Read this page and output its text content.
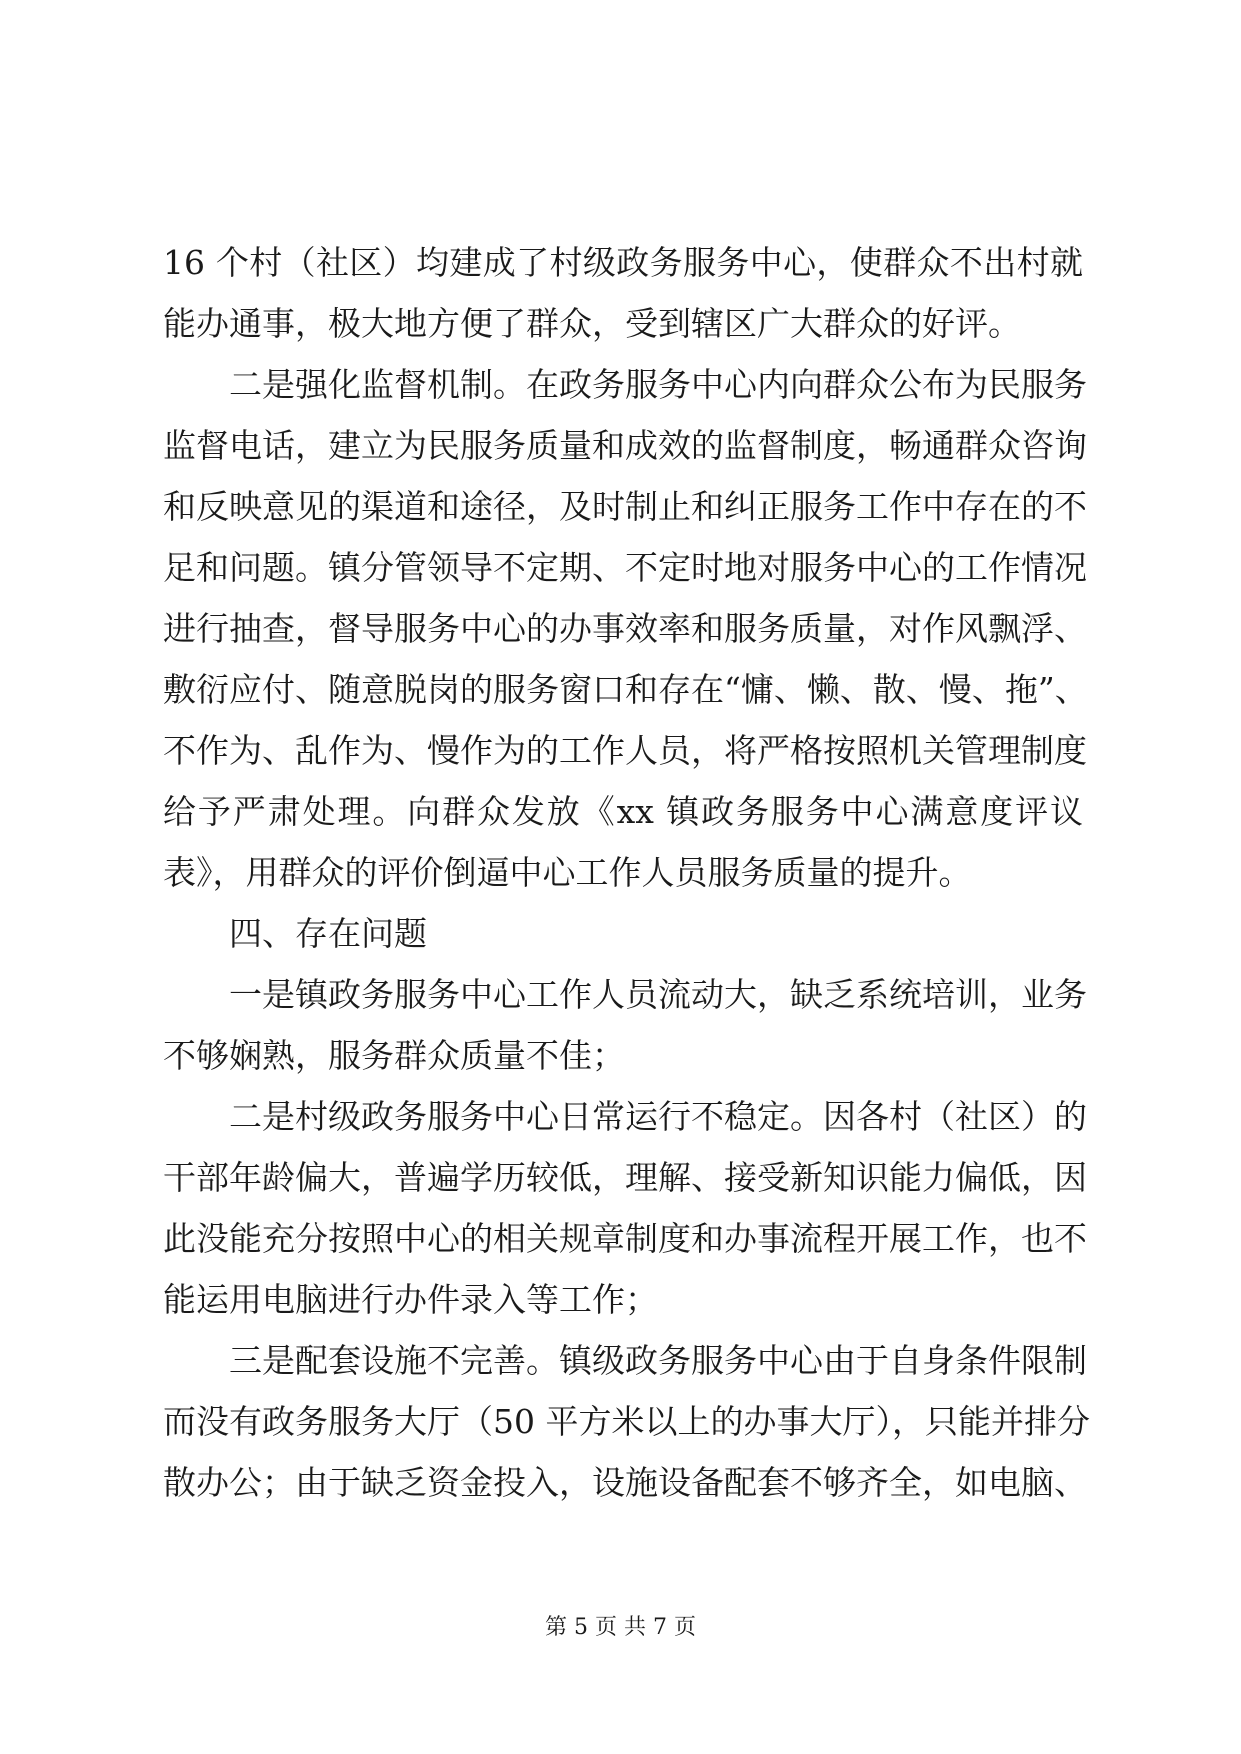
16 个村（社区）均建成了村级政务服务中心，使群众不出村就
能办通事，极大地方便了群众，受到辖区广大群众的好评。
二是强化监督机制。在政务服务中心内向群众公布为民服务
监督电话，建立为民服务质量和成效的监督制度，畅通群众咨询
和反映意见的渠道和途径，及时制止和纠正服务工作中存在的不
足和问题。镇分管领导不定期、不定时地对服务中心的工作情况
进行抽查，督导服务中心的办事效率和服务质量，对作风飘浮、
敷衍应付、随意脱岗的服务窗口和存在“慵、懒、散、慢、拖”、
不作为、乱作为、慢作为的工作人员，将严格按照机关管理制度
给予严肃处理。向群众发放《xx 镇政务服务中心满意度评议
表》，用群众的评价倒逼中心工作人员服务质量的提升。
四、存在问题
一是镇政务服务中心工作人员流动大，缺乏系统培训，业务
不够娴熟，服务群众质量不佳；
二是村级政务服务中心日常运行不稳定。因各村（社区）的
干部年龄偏大，普遍学历较低，理解、接受新知识能力偏低，因
此没能充分按照中心的相关规章制度和办事流程开展工作，也不
能运用电脑进行办件录入等工作；
三是配套设施不完善。镇级政务服务中心由于自身条件限制
而没有政务服务大厅（50 平方米以上的办事大厅），只能并排分
散办公；由于缺乏资金投入，设施设备配套不够齐全，如电脑、
第 5 页 共 7 页
